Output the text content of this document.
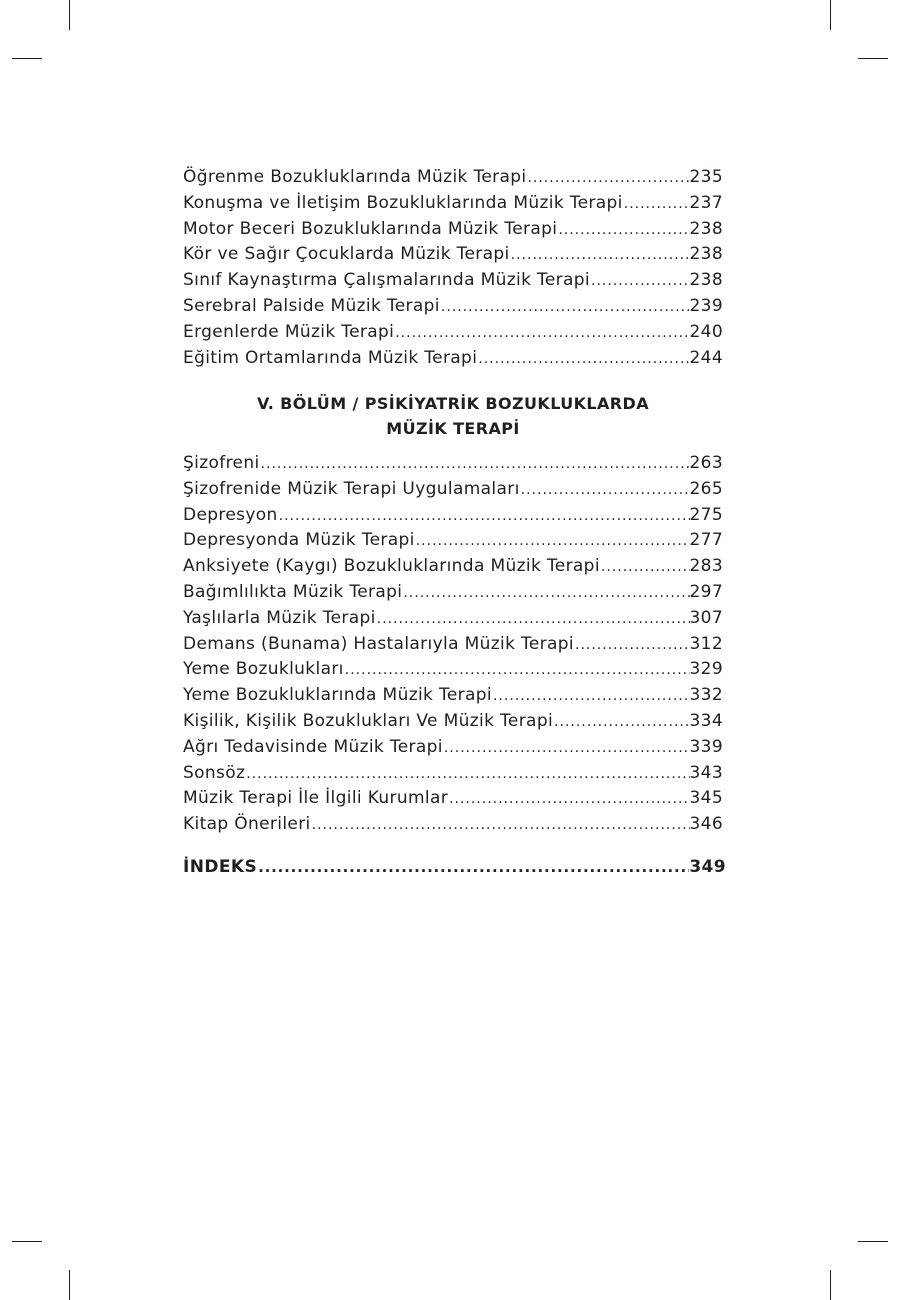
Öğrenme Bozukluklarında Müzik Terapi .....	235
Konuşma ve İletişim Bozukluklarında Müzik Terapi .....	237
Motor Beceri Bozukluklarında Müzik Terapi .....	238
Kör ve Sağır Çocuklarda Müzik Terapi .....	238
Sınıf Kaynaştırma Çalışmalarında Müzik Terapi .....	238
Serebral Palside Müzik Terapi .....	239
Ergenlerde Müzik Terapi .....	240
Eğitim Ortamlarında Müzik Terapi .....	244
V. BÖLÜM / PSİKİYATRİK BOZUKLUKLARDA
MÜZİK TERAPİ
Şizofreni .....	263
Şizofrenide Müzik Terapi Uygulamaları .....	265
Depresyon .....	275
Depresyonda Müzik Terapi .....	277
Anksiyete (Kaygı) Bozukluklarında Müzik Terapi .....	283
Bağımlılıkta Müzik Terapi .....	297
Yaşlılarla Müzik Terapi .....	307
Demans (Bunama) Hastalarıyla Müzik Terapi .....	312
Yeme Bozuklukları .....	329
Yeme Bozukluklarında Müzik Terapi .....	332
Kişilik, Kişilik Bozuklukları Ve Müzik Terapi .....	334
Ağrı Tedavisinde Müzik Terapi .....	339
Sonsöz .....	343
Müzik Terapi İle İlgili Kurumlar .....	345
Kitap Önerileri .....	346
İNDEKS .....	349
